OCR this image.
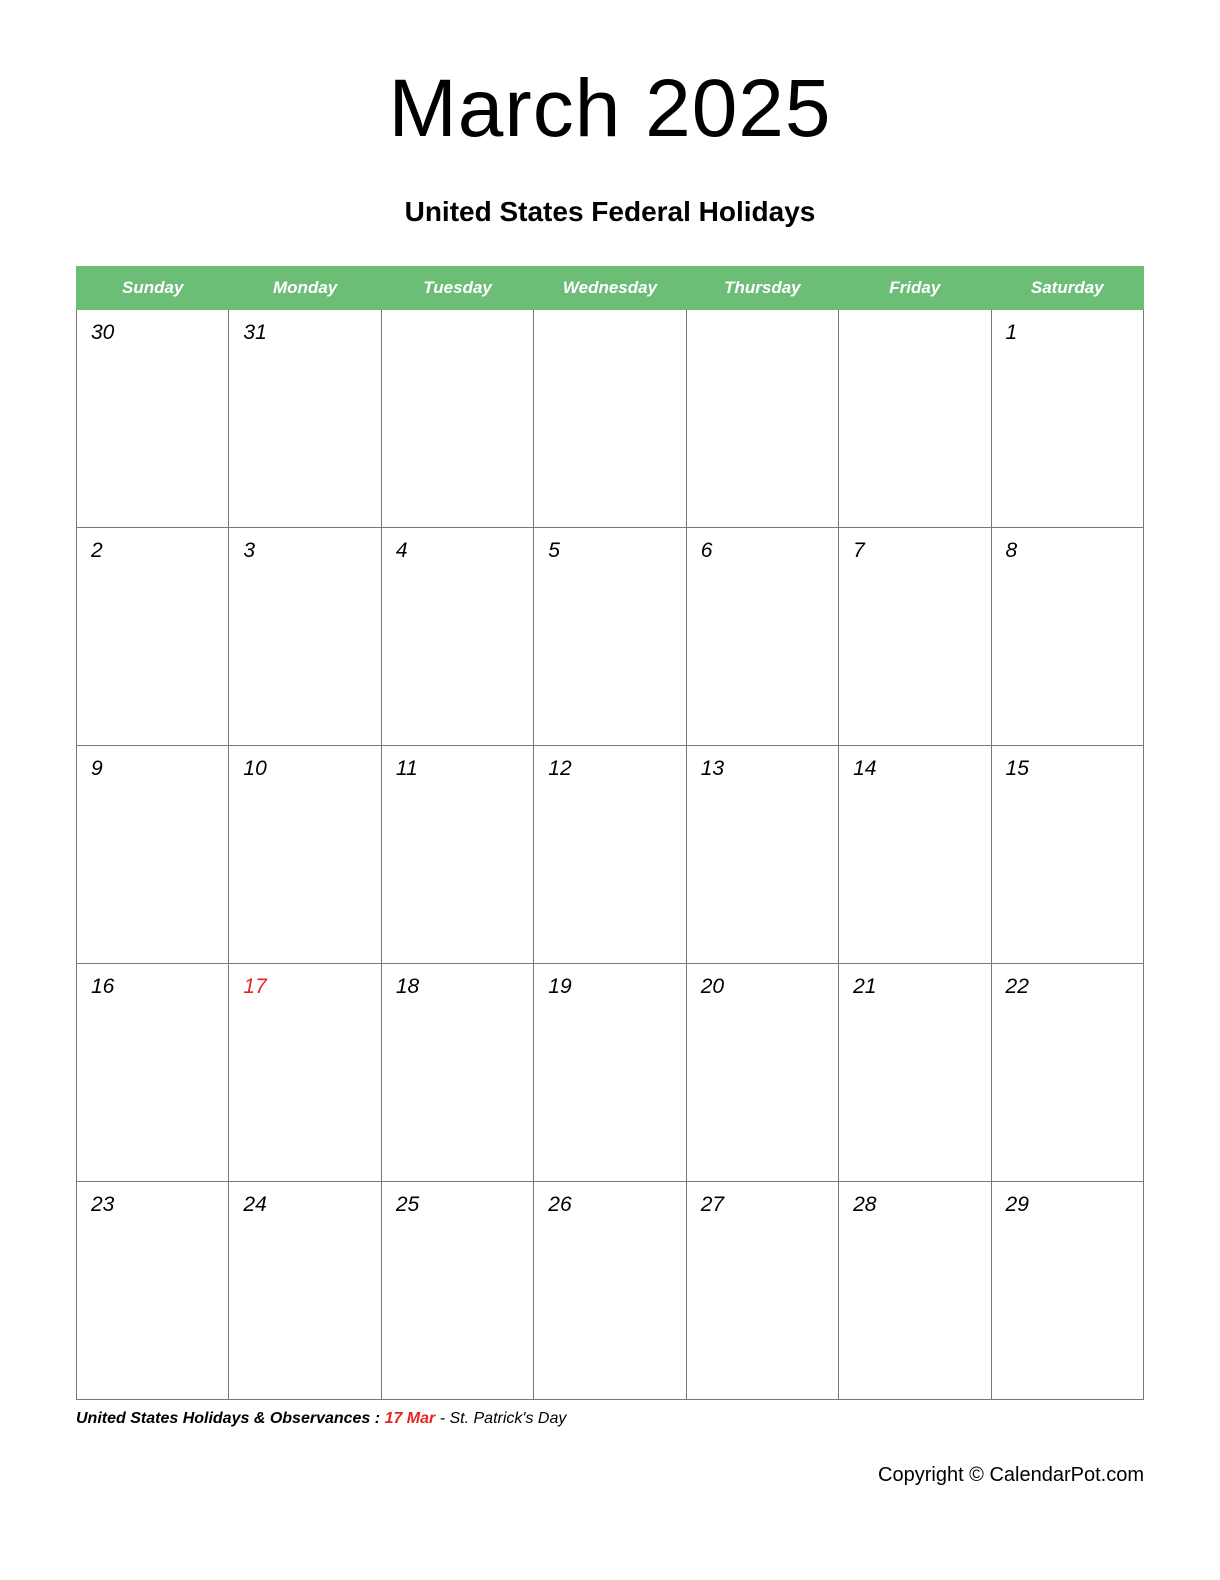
March 2025
United States Federal Holidays
Sunday	Monday	Tuesday	Wednesday	Thursday	Friday	Saturday

30	31					1

2	3	4	5	6	7	8

9	10	11	12	13	14	15

16	17	18	19	20	21	22

23	24	25	26	27	28	29
United States Holidays & Observances : 17 Mar - St. Patrick's Day
Copyright © CalendarPot.com
